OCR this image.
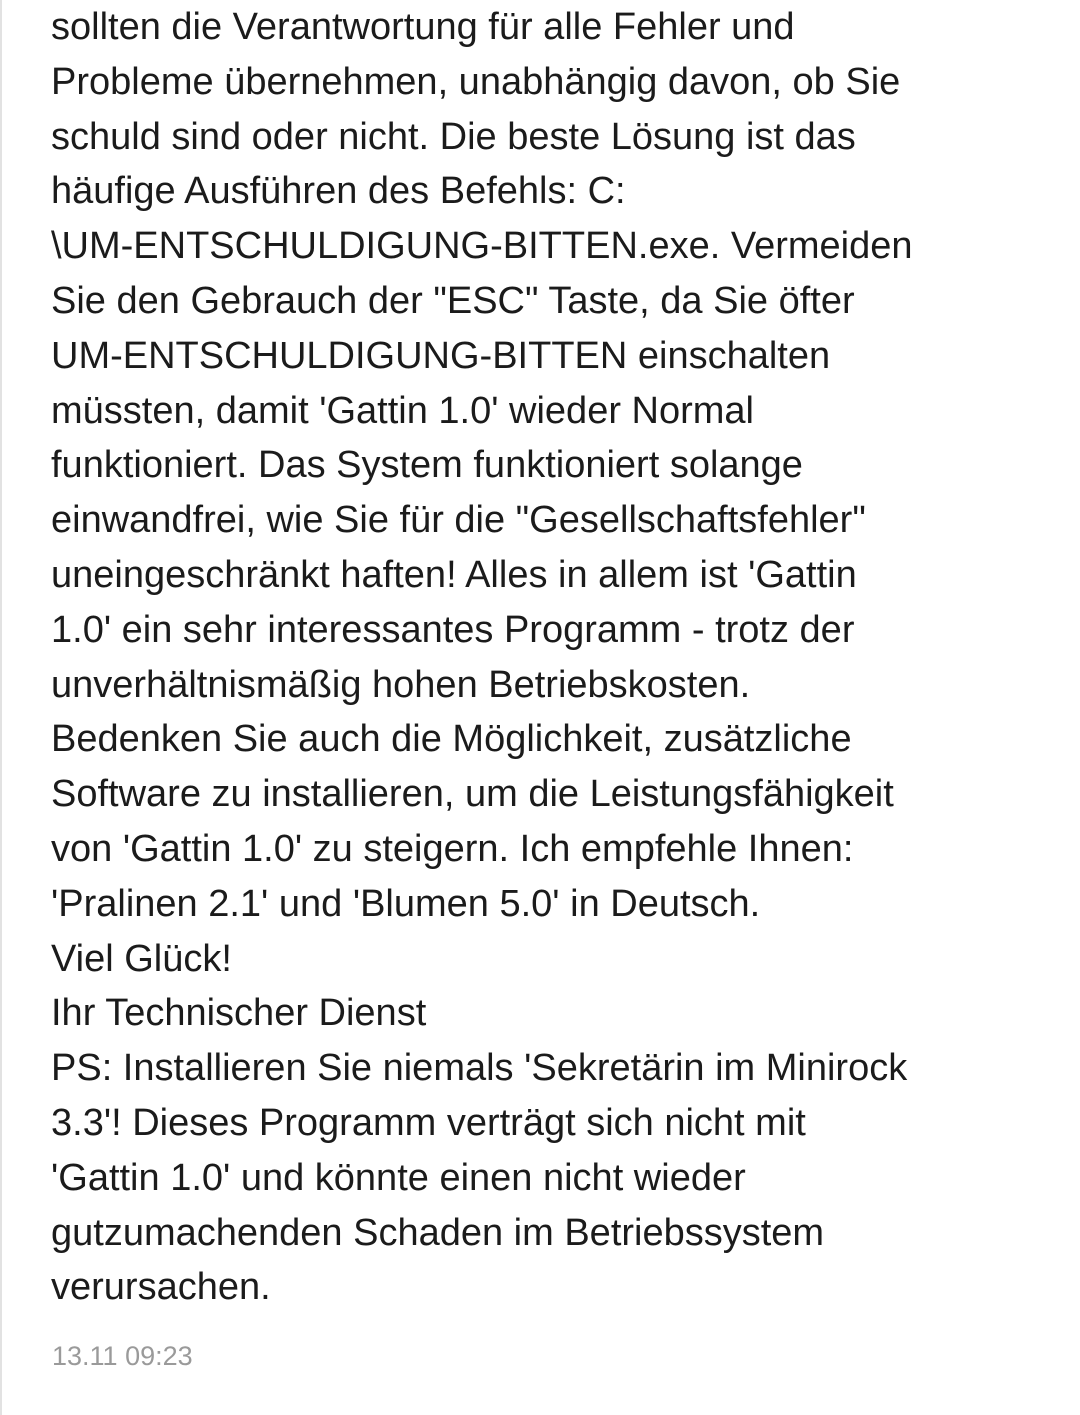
sollten die Verantwortung für alle Fehler und
Probleme übernehmen, unabhängig davon, ob Sie
schuld sind oder nicht. Die beste Lösung ist das
häufige Ausführen des Befehls: C:
\UM-ENTSCHULDIGUNG-BITTEN.exe. Vermeiden
Sie den Gebrauch der "ESC" Taste, da Sie öfter
UM-ENTSCHULDIGUNG-BITTEN einschalten
müssten, damit 'Gattin 1.0' wieder Normal
funktioniert. Das System funktioniert solange
einwandfrei, wie Sie für die "Gesellschaftsfehler"
uneingeschränkt haften! Alles in allem ist 'Gattin
1.0' ein sehr interessantes Programm - trotz der
unverhältnismäßig hohen Betriebskosten.
Bedenken Sie auch die Möglichkeit, zusätzliche
Software zu installieren, um die Leistungsfähigkeit
von 'Gattin 1.0' zu steigern. Ich empfehle Ihnen:
'Pralinen 2.1' und 'Blumen 5.0' in Deutsch.
Viel Glück!
Ihr Technischer Dienst
PS: Installieren Sie niemals 'Sekretärin im Minirock
3.3'! Dieses Programm verträgt sich nicht mit
'Gattin 1.0' und könnte einen nicht wieder
gutzumachenden Schaden im Betriebssystem
verursachen.
13.11 09:23
